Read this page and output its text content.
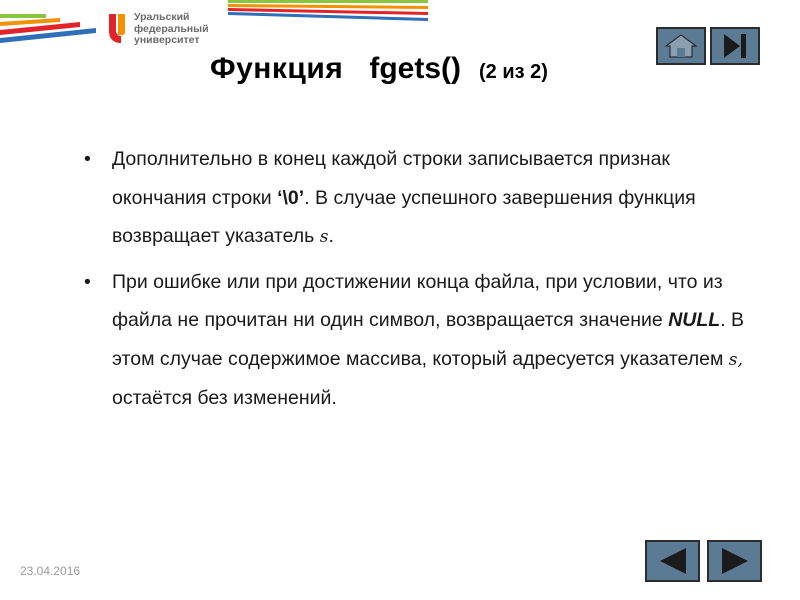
Уральский
федеральный
университет
Функция fgets() (2 из 2)
• Дополнительно в конец каждой строки записывается признак окончания строки ‘\0’. В случае успешного завершения функция возвращает указатель s.
• При ошибке или при достижении конца файла, при условии, что из файла не прочитан ни один символ, возвращается значение NULL. В этом случае содержимое массива, который адресуется указателем s, остаётся без изменений.
23.04.2016
